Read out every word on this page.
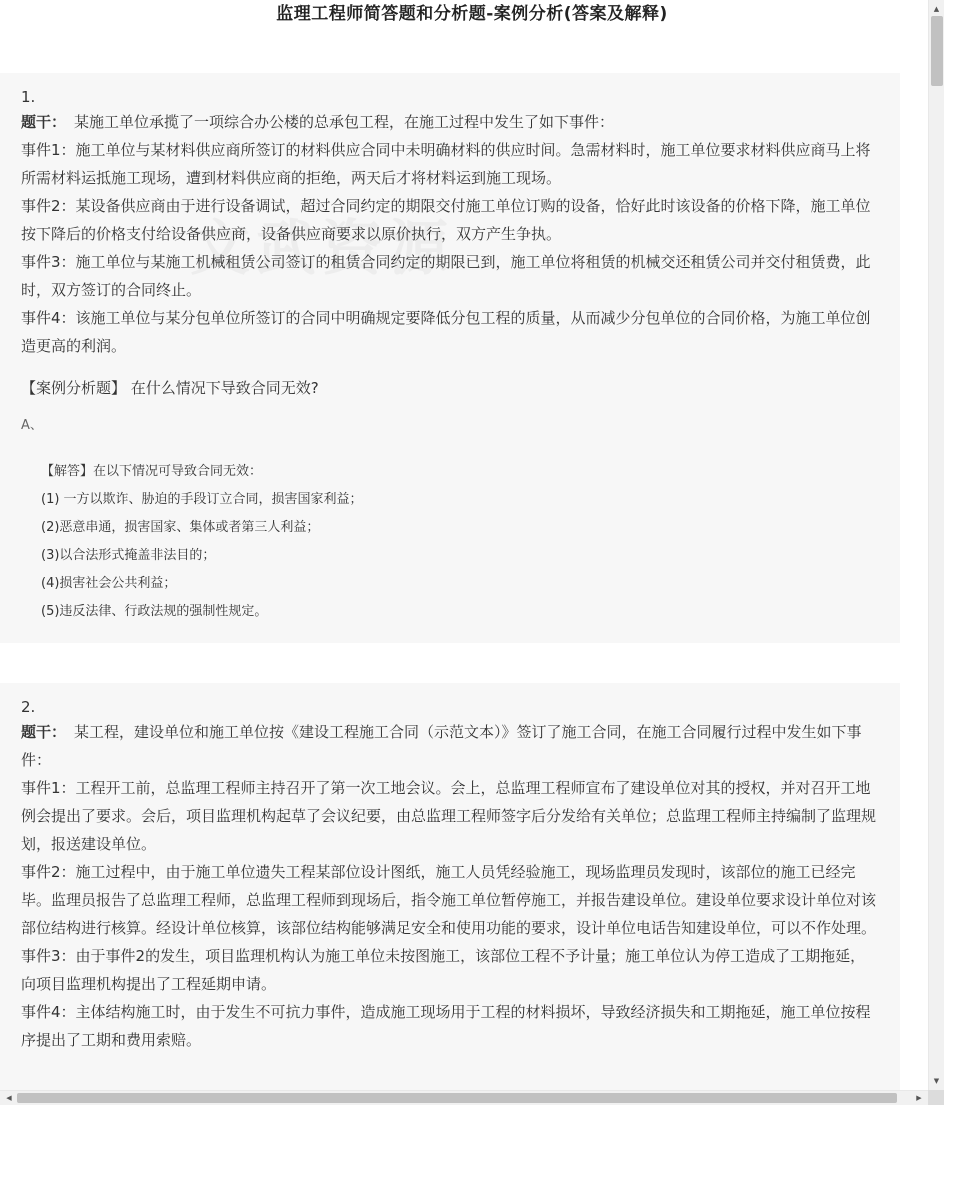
监理工程师简答题和分析题-案例分析(答案及解释)

1.

题干： 某施工单位承揽了一项综合办公楼的总承包工程，在施工过程中发生了如下事件：

事件1：施工单位与某材料供应商所签订的材料供应合同中未明确材料的供应时间。急需材料时，施工单位要求材料供应商马上将所需材料运抵施工现场，遭到材料供应商的拒绝，两天后才将材料运到施工现场。

事件2：某设备供应商由于进行设备调试，超过合同约定的期限交付施工单位订购的设备，恰好此时该设备的价格下降，施工单位按下降后的价格支付给设备供应商，设备供应商要求以原价执行，双方产生争执。

事件3：施工单位与某施工机械租赁公司签订的租赁合同约定的期限已到，施工单位将租赁的机械交还租赁公司并交付租赁费，此时，双方签订的合同终止。

事件4：该施工单位与某分包单位所签订的合同中明确规定要降低分包工程的质量，从而减少分包单位的合同价格，为施工单位创造更高的利润。

【案例分析题】 在什么情况下导致合同无效?

A、

【解答】在以下情况可导致合同无效：

(1) 一方以欺诈、胁迫的手段订立合同，损害国家利益；

(2)恶意串通，损害国家、集体或者第三人利益；

(3)以合法形式掩盖非法目的；

(4)损害社会公共利益；

(5)违反法律、行政法规的强制性规定。

2.

题干： 某工程，建设单位和施工单位按《建设工程施工合同（示范文本）》签订了施工合同，在施工合同履行过程中发生如下事件：

事件1：工程开工前，总监理工程师主持召开了第一次工地会议。会上，总监理工程师宣布了建设单位对其的授权，并对召开工地例会提出了要求。会后，项目监理机构起草了会议纪要，由总监理工程师签字后分发给有关单位；总监理工程师主持编制了监理规划，报送建设单位。

事件2：施工过程中，由于施工单位遗失工程某部位设计图纸，施工人员凭经验施工，现场监理员发现时，该部位的施工已经完毕。监理员报告了总监理工程师，总监理工程师到现场后，指令施工单位暂停施工，并报告建设单位。建设单位要求设计单位对该部位结构进行核算。经设计单位核算，该部位结构能够满足安全和使用功能的要求，设计单位电话告知建设单位，可以不作处理。

事件3：由于事件2的发生，项目监理机构认为施工单位未按图施工，该部位工程不予计量；施工单位认为停工造成了工期拖延，向项目监理机构提出了工程延期申请。

事件4：主体结构施工时，由于发生不可抗力事件，造成施工现场用于工程的材料损坏，导致经济损失和工期拖延，施工单位按程序提出了工期和费用索赔。

▲
▼
◀	▶
